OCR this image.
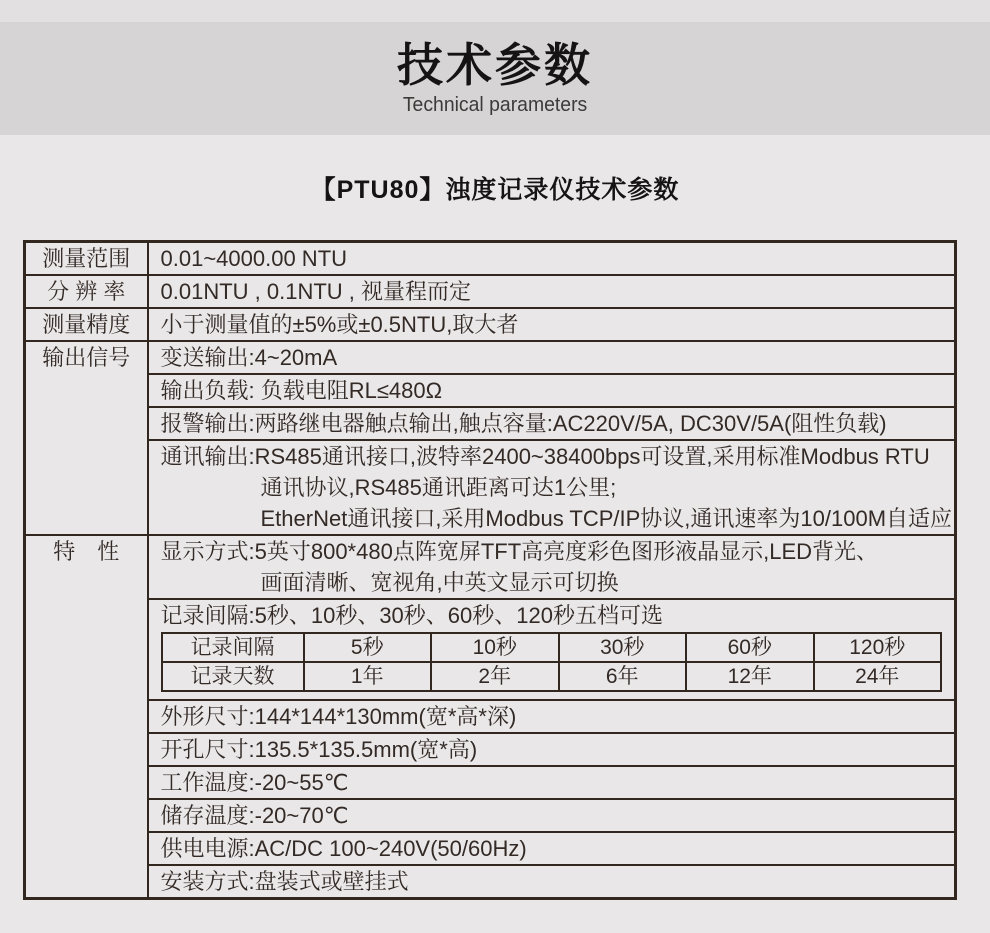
技术参数
Technical parameters
【PTU80】浊度记录仪技术参数
测量范围	0.01~4000.00 NTU
分 辨 率	0.01NTU , 0.1NTU , 视量程而定
测量精度	小于测量值的±5%或±0.5NTU,取大者
输出信号	变送输出:4~20mA
输出负载: 负载电阻RL≤480Ω
报警输出:两路继电器触点输出,触点容量:AC220V/5A, DC30V/5A(阻性负载)

通讯输出:RS485通讯接口,波特率2400~38400bps可设置,采用标准Modbus RTU
通讯协议,RS485通讯距离可达1公里;
EtherNet通讯接口,采用Modbus TCP/IP协议,通讯速率为10/100M自适应

特　性	显示方式:5英寸800*480点阵宽屏TFT高亮度彩色图形液晶显示,LED背光、
画面清晰、宽视角,中英文显示可切换

记录间隔:5秒、10秒、30秒、60秒、120秒五档可选
记录间隔	5秒	10秒	30秒	60秒	120秒
记录天数	1年	2年	6年	12年	24年

外形尺寸:144*144*130mm(宽*高*深)
开孔尺寸:135.5*135.5mm(宽*高)
工作温度:-20~55℃
储存温度:-20~70℃
供电电源:AC/DC 100~240V(50/60Hz)
安装方式:盘装式或壁挂式
